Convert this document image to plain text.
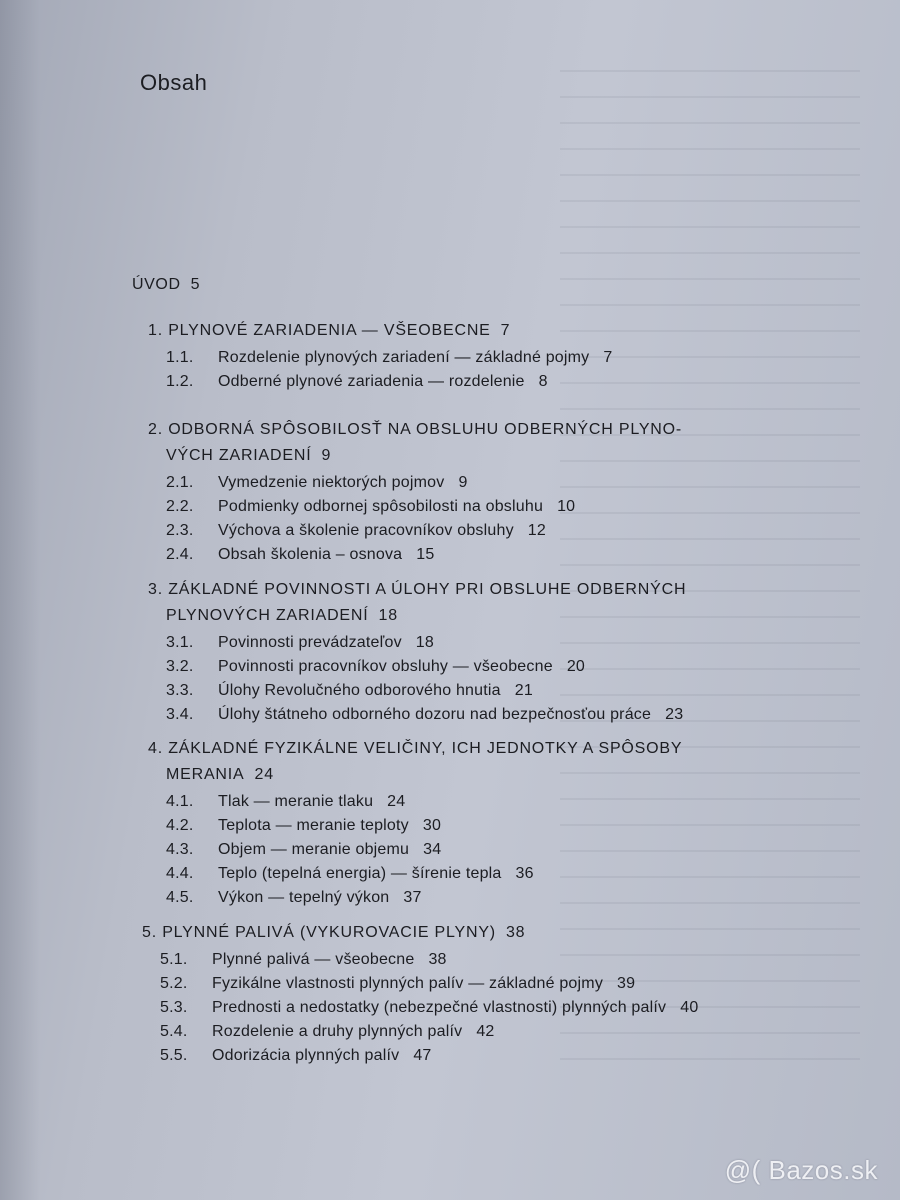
Obsah
ÚVOD 5
1. PLYNOVÉ ZARIADENIA — VŠEOBECNE 7
1.1.	Rozdelenie plynových zariadení — základné pojmy 7
1.2.	Odberné plynové zariadenia — rozdelenie 8
2. ODBORNÁ SPÔSOBILOSŤ NA OBSLUHU ODBERNÝCH PLYNO-
VÝCH ZARIADENÍ 9
2.1.	Vymedzenie niektorých pojmov 9
2.2.	Podmienky odbornej spôsobilosti na obsluhu 10
2.3.	Výchova a školenie pracovníkov obsluhy 12
2.4.	Obsah školenia – osnova 15
3. ZÁKLADNÉ POVINNOSTI A ÚLOHY PRI OBSLUHE ODBERNÝCH
PLYNOVÝCH ZARIADENÍ 18
3.1.	Povinnosti prevádzateľov 18
3.2.	Povinnosti pracovníkov obsluhy — všeobecne 20
3.3.	Úlohy Revolučného odborového hnutia 21
3.4.	Úlohy štátneho odborného dozoru nad bezpečnosťou práce 23
4. ZÁKLADNÉ FYZIKÁLNE VELIČINY, ICH JEDNOTKY A SPÔSOBY
MERANIA 24
4.1.	Tlak — meranie tlaku 24
4.2.	Teplota — meranie teploty 30
4.3.	Objem — meranie objemu 34
4.4.	Teplo (tepelná energia) — šírenie tepla 36
4.5.	Výkon — tepelný výkon 37
5. PLYNNÉ PALIVÁ (VYKUROVACIE PLYNY) 38
5.1.	Plynné palivá — všeobecne 38
5.2.	Fyzikálne vlastnosti plynných palív — základné pojmy 39
5.3.	Prednosti a nedostatky (nebezpečné vlastnosti) plynných palív 40
5.4.	Rozdelenie a druhy plynných palív 42
5.5.	Odorizácia plynných palív 47
@( Bazos.sk
